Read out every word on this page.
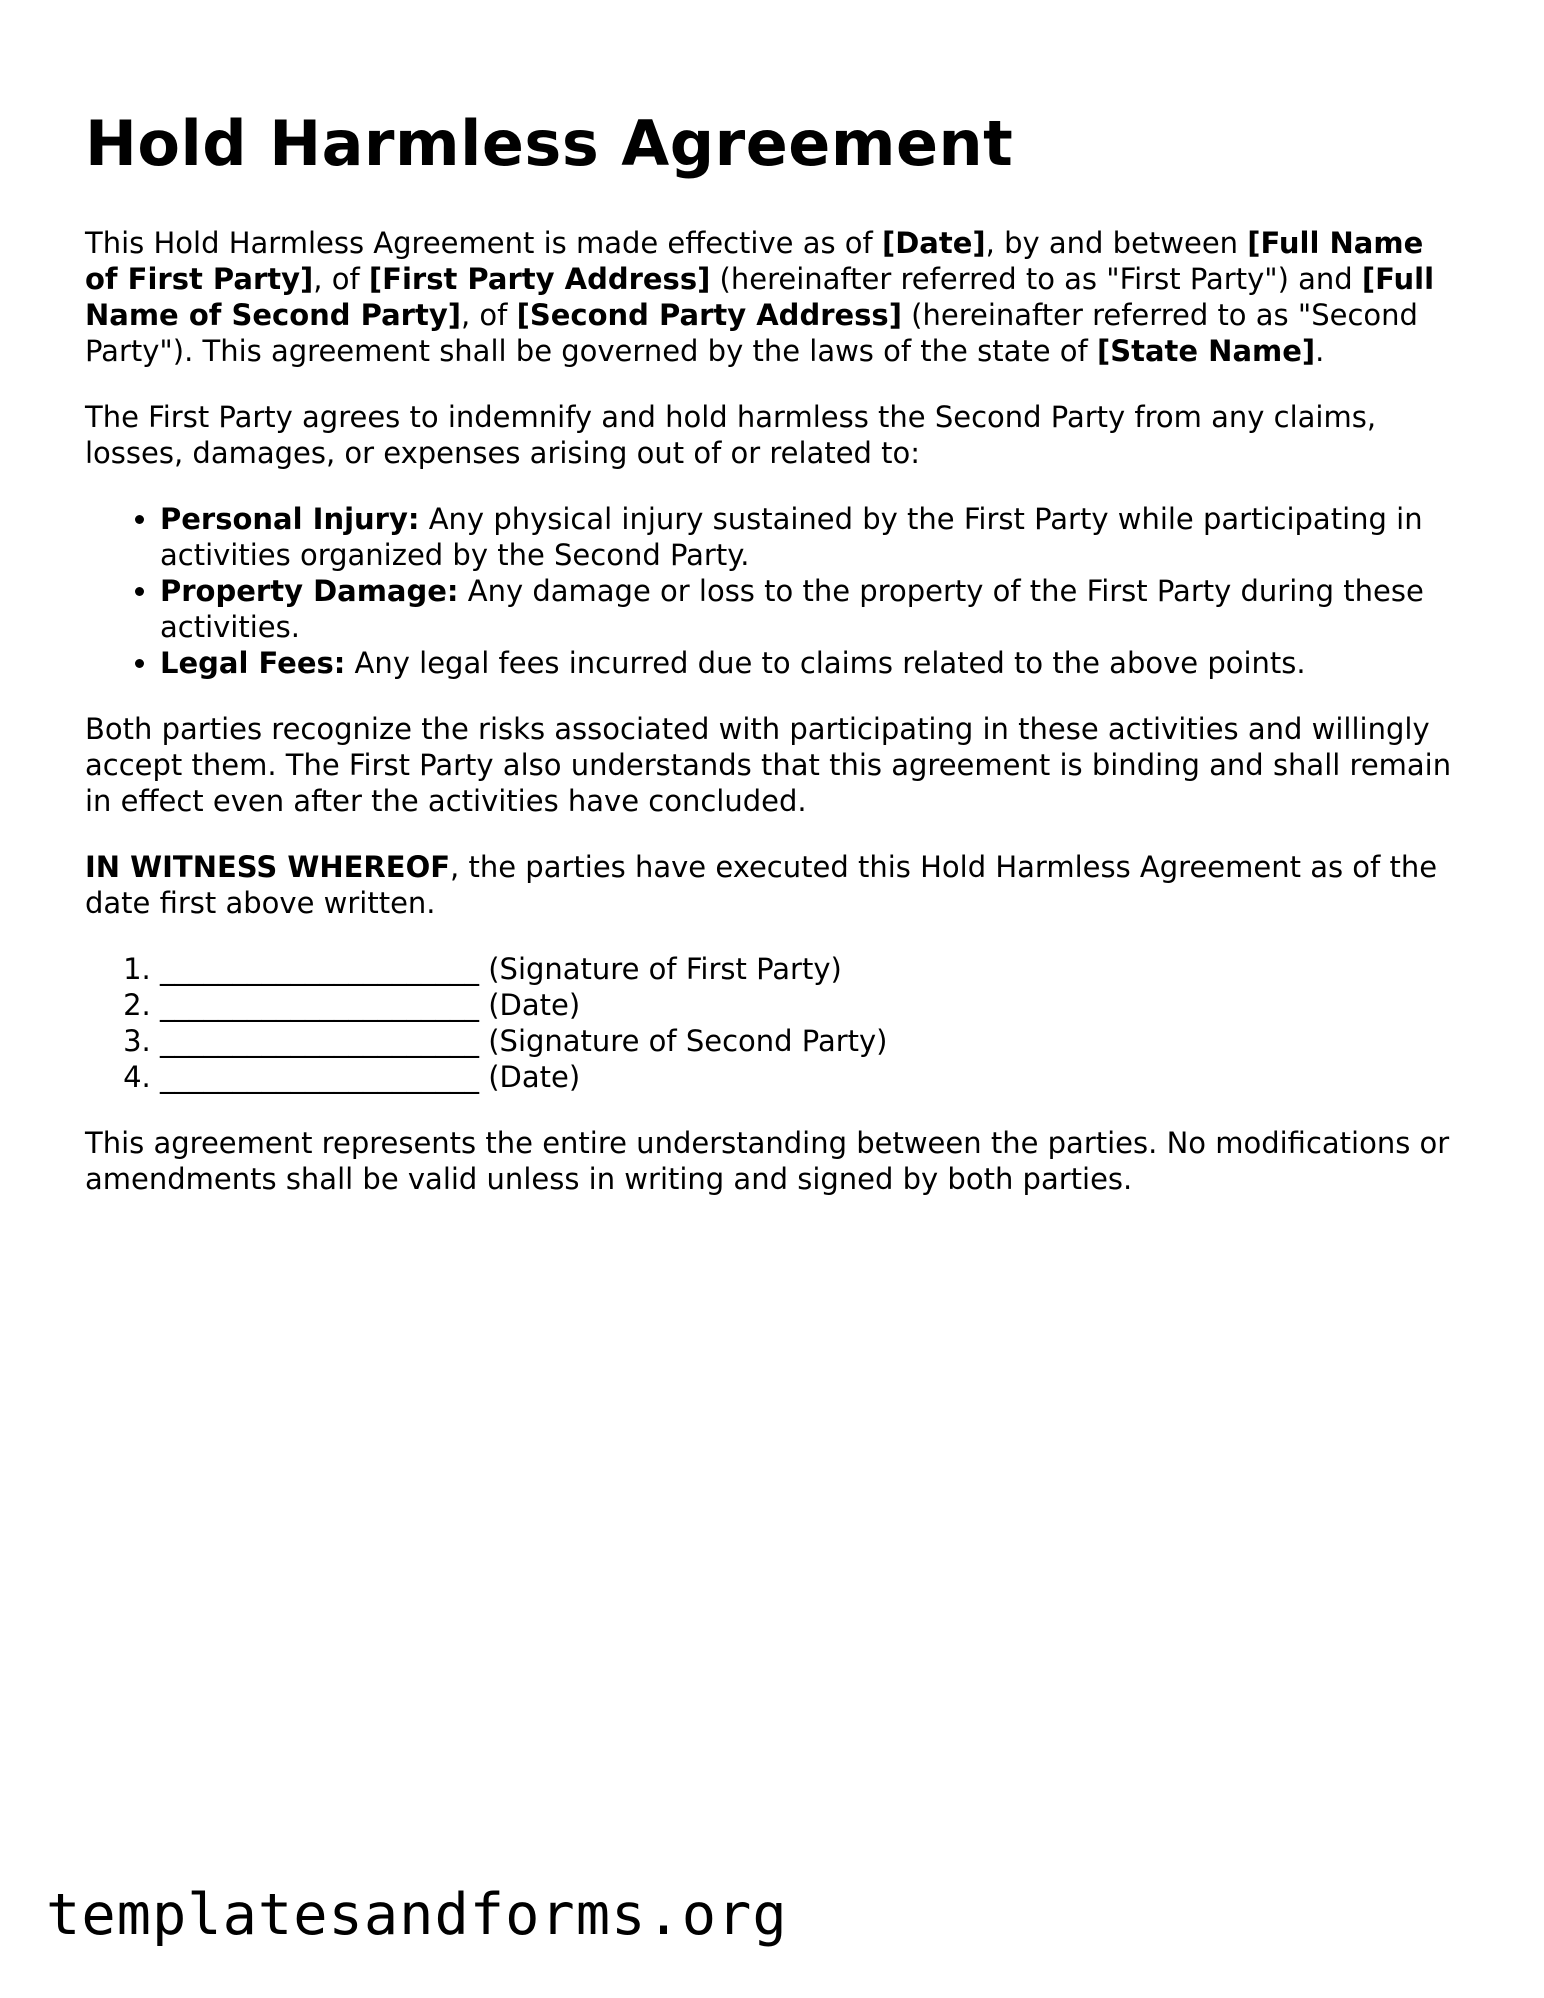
Hold Harmless Agreement

This Hold Harmless Agreement is made effective as of [Date], by and between [Full Name of First Party], of [First Party Address] (hereinafter referred to as "First Party") and [Full Name of Second Party], of [Second Party Address] (hereinafter referred to as "Second Party"). This agreement shall be governed by the laws of the state of [State Name].

The First Party agrees to indemnify and hold harmless the Second Party from any claims, losses, damages, or expenses arising out of or related to:

• Personal Injury: Any physical injury sustained by the First Party while participating in activities organized by the Second Party.
• Property Damage: Any damage or loss to the property of the First Party during these activities.
• Legal Fees: Any legal fees incurred due to claims related to the above points.

Both parties recognize the risks associated with participating in these activities and willingly accept them. The First Party also understands that this agreement is binding and shall remain in effect even after the activities have concluded.

IN WITNESS WHEREOF, the parties have executed this Hold Harmless Agreement as of the date first above written.

1. ______________________ (Signature of First Party)
2. ______________________ (Date)
3. ______________________ (Signature of Second Party)
4. ______________________ (Date)

This agreement represents the entire understanding between the parties. No modifications or amendments shall be valid unless in writing and signed by both parties.

templatesandforms.org
